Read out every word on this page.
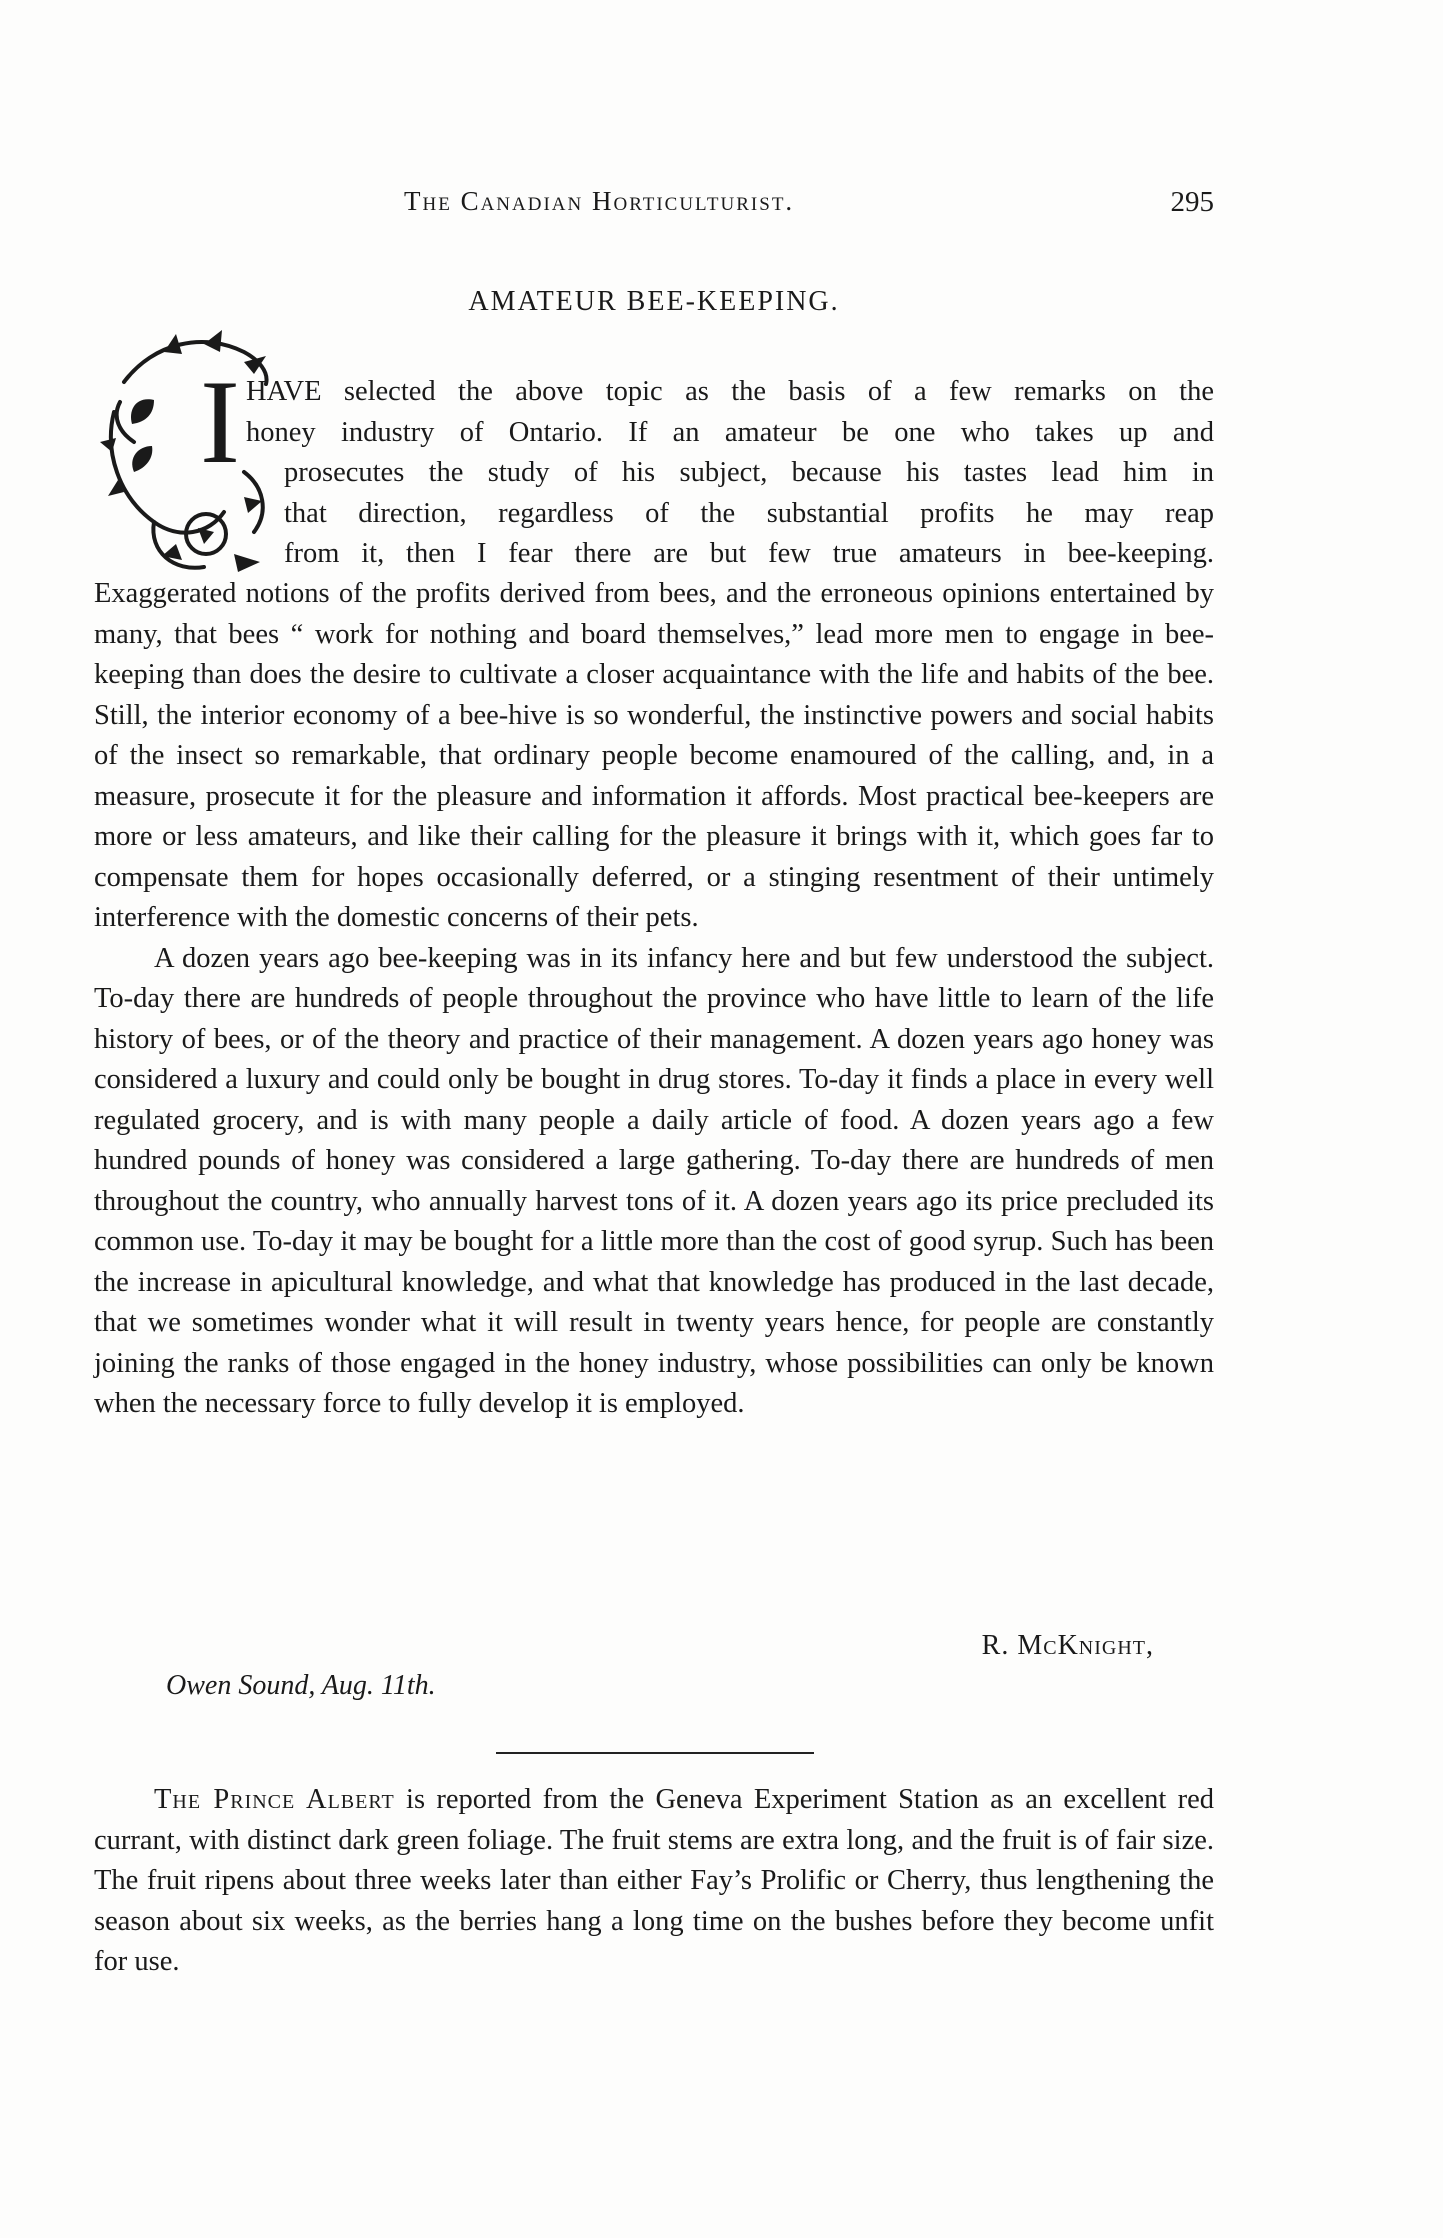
The Canadian Horticulturist.	295
AMATEUR BEE-KEEPING.
I HAVE selected the above topic as the basis of a few remarks on the
honey industry of Ontario. If an amateur be one who takes up and
prosecutes the study of his subject, because his tastes lead him in
that direction, regardless of the substantial profits he may reap
from it, then I fear there are but few true amateurs in bee-keeping.

Exaggerated notions of the profits derived from bees, and the erroneous opinions entertained by many, that bees “ work for nothing and board themselves,” lead more men to engage in bee-keeping than does the desire to cultivate a closer acquaintance with the life and habits of the bee. Still, the interior economy of a bee-hive is so wonderful, the instinctive powers and social habits of the insect so remarkable, that ordinary people become enamoured of the calling, and, in a measure, prosecute it for the pleasure and information it affords. Most practical bee-keepers are more or less amateurs, and like their calling for the pleasure it brings with it, which goes far to compensate them for hopes occasionally deferred, or a stinging resentment of their untimely interference with the domestic concerns of their pets.

A dozen years ago bee-keeping was in its infancy here and but few understood the subject. To-day there are hundreds of people throughout the province who have little to learn of the life history of bees, or of the theory and practice of their management. A dozen years ago honey was considered a luxury and could only be bought in drug stores. To-day it finds a place in every well regulated grocery, and is with many people a daily article of food. A dozen years ago a few hundred pounds of honey was considered a large gathering. To-day there are hundreds of men throughout the country, who annually harvest tons of it. A dozen years ago its price precluded its common use. To-day it may be bought for a little more than the cost of good syrup. Such has been the increase in apicultural knowledge, and what that knowledge has produced in the last decade, that we sometimes wonder what it will result in twenty years hence, for people are constantly joining the ranks of those engaged in the honey industry, whose possibilities can only be known when the necessary force to fully develop it is employed.

R. McKnight,
Owen Sound, Aug. 11th.

The Prince Albert is reported from the Geneva Experiment Station as an excellent red currant, with distinct dark green foliage. The fruit stems are extra long, and the fruit is of fair size. The fruit ripens about three weeks later than either Fay’s Prolific or Cherry, thus lengthening the season about six weeks, as the berries hang a long time on the bushes before they become unfit for use.
